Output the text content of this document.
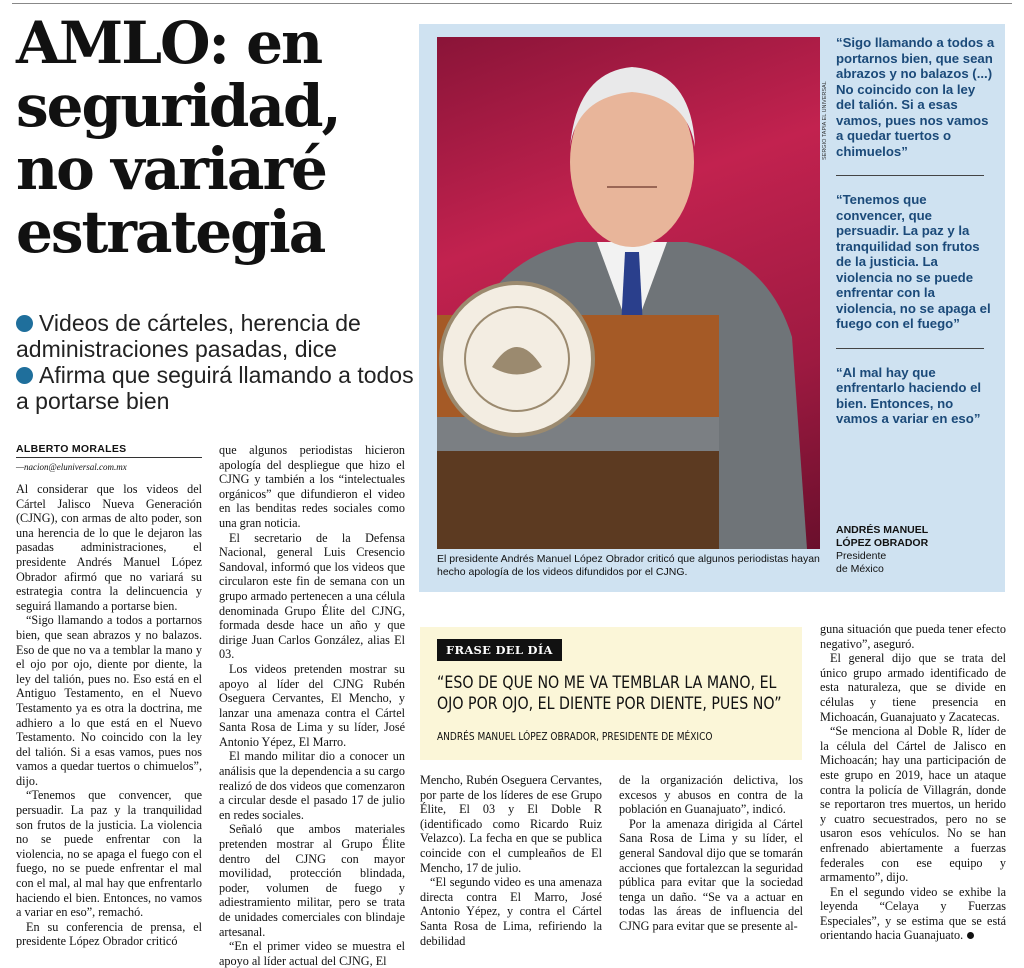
AMLO: en
seguridad,
no variaré
estrategia
Videos de cárteles, herencia de administraciones pasadas, dice
Afirma que seguirá llamando a todos a portarse bien
ALBERTO MORALES
—nacion@eluniversal.com.mx

Al considerar que los videos del Cártel Jalisco Nueva Generación (CJNG), con armas de alto poder, son una herencia de lo que le dejaron las pasadas administraciones, el presidente Andrés Manuel López Obrador afirmó que no variará su estrategia contra la delincuencia y seguirá llamando a portarse bien.

“Sigo llamando a todos a portarnos bien, que sean abrazos y no balazos. Eso de que no va a temblar la mano y el ojo por ojo, diente por diente, la ley del talión, pues no. Eso está en el Antiguo Testamento, en el Nuevo Testamento ya es otra la doctrina, me adhiero a lo que está en el Nuevo Testamento. No coincido con la ley del talión. Si a esas vamos, pues nos vamos a quedar tuertos o chimuelos”, dijo.

“Tenemos que convencer, que persuadir. La paz y la tranquilidad son frutos de la justicia. La violencia no se puede enfrentar con la violencia, no se apaga el fuego con el fuego, no se puede enfrentar el mal con el mal, al mal hay que enfrentarlo haciendo el bien. Entonces, no vamos a variar en eso”, remachó.

En su conferencia de prensa, el presidente López Obrador criticó

que algunos periodistas hicieron apología del despliegue que hizo el CJNG y también a los “intelectuales orgánicos” que difundieron el video en las benditas redes sociales como una gran noticia.

El secretario de la Defensa Nacional, general Luis Cresencio Sandoval, informó que los videos que circularon este fin de semana con un grupo armado pertenecen a una célula denominada Grupo Élite del CJNG, formada desde hace un año y que dirige Juan Carlos González, alias El 03.

Los videos pretenden mostrar su apoyo al líder del CJNG Rubén Oseguera Cervantes, El Mencho, y lanzar una amenaza contra el Cártel Santa Rosa de Lima y su líder, José Antonio Yépez, El Marro.

El mando militar dio a conocer un análisis que la dependencia a su cargo realizó de dos videos que comenzaron a circular desde el pasado 17 de julio en redes sociales.

Señaló que ambos materiales pretenden mostrar al Grupo Élite dentro del CJNG con mayor movilidad, protección blindada, poder, volumen de fuego y adiestramiento militar, pero se trata de unidades comerciales con blindaje artesanal.

“En el primer video se muestra el apoyo al líder actual del CJNG, El

SERGIO TAPIA EL UNIVERSAL
El presidente Andrés Manuel López Obrador criticó que algunos periodistas hayan hecho apología de los videos difundidos por el CJNG.
“Sigo llamando a todos a portarnos bien, que sean abrazos y no balazos (...) No coincido con la ley del talión. Si a esas vamos, pues nos vamos a quedar tuertos o chimuelos”
“Tenemos que convencer, que persuadir. La paz y la tranquilidad son frutos de la justicia. La violencia no se puede enfrentar con la violencia, no se apaga el fuego con el fuego”
“Al mal hay que enfrentarlo haciendo el bien. Entonces, no vamos a variar en eso”
ANDRÉS MANUEL
LÓPEZ OBRADOR
Presidente
de México
FRASE DEL DÍA
“ESO DE QUE NO ME VA TEMBLAR LA MANO, EL OJO POR OJO, EL DIENTE POR DIENTE, PUES NO”
ANDRÉS MANUEL LÓPEZ OBRADOR, PRESIDENTE DE MÉXICO

Mencho, Rubén Oseguera Cervantes, por parte de los líderes de ese Grupo Élite, El 03 y El Doble R (identificado como Ricardo Ruiz Velazco). La fecha en que se publica coincide con el cumpleaños de El Mencho, 17 de julio.

“El segundo video es una amenaza directa contra El Marro, José Antonio Yépez, y contra el Cártel Santa Rosa de Lima, refiriendo la debilidad

de la organización delictiva, los excesos y abusos en contra de la población en Guanajuato”, indicó.

Por la amenaza dirigida al Cártel Sana Rosa de Lima y su líder, el general Sandoval dijo que se tomarán acciones que fortalezcan la seguridad pública para evitar que la sociedad tenga un daño. “Se va a actuar en todas las áreas de influencia del CJNG para evitar que se presente al-

guna situación que pueda tener efecto negativo”, aseguró.

El general dijo que se trata del único grupo armado identificado de esta naturaleza, que se divide en células y tiene presencia en Michoacán, Guanajuato y Zacatecas.

“Se menciona al Doble R, líder de la célula del Cártel de Jalisco en Michoacán; hay una participación de este grupo en 2019, hace un ataque contra la policía de Villagrán, donde se reportaron tres muertos, un herido y cuatro secuestrados, pero no se usaron esos vehículos. No se han enfrenado abiertamente a fuerzas federales con ese equipo y armamento”, dijo.

En el segundo video se exhibe la leyenda “Celaya y Fuerzas Especiales”, y se estima que se está orientando hacia Guanajuato.
